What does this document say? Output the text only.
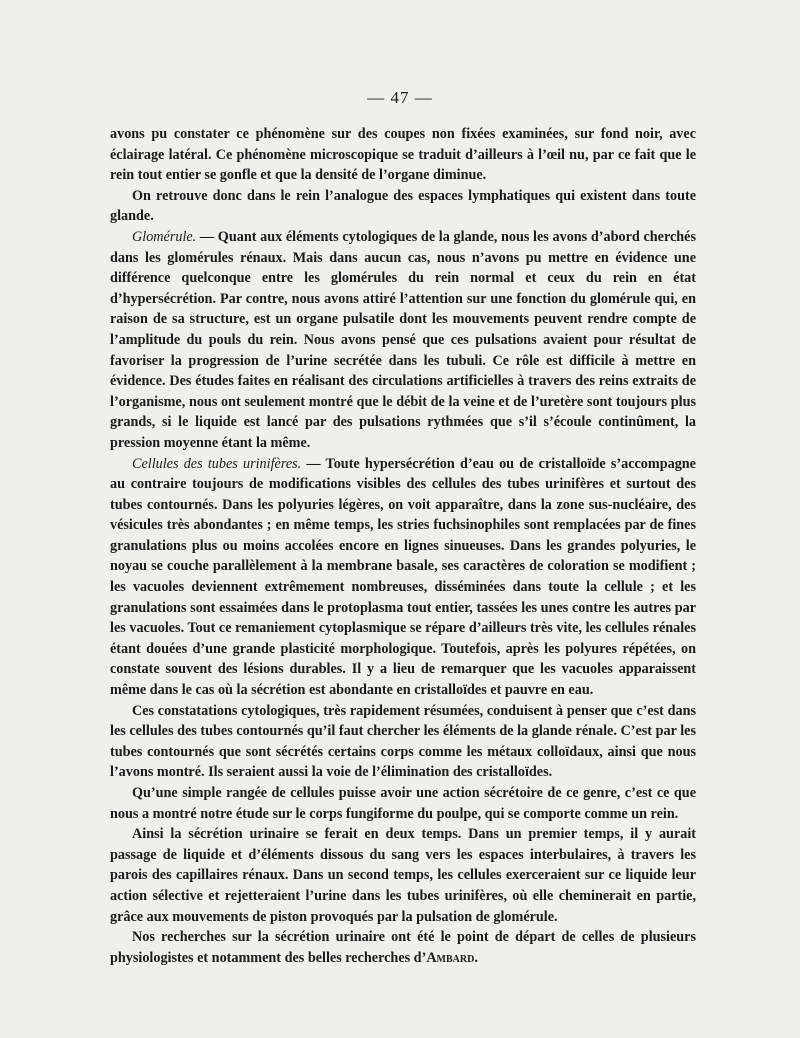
— 47 —

avons pu constater ce phénomène sur des coupes non fixées examinées, sur fond noir, avec éclairage latéral. Ce phénomène microscopique se traduit d’ailleurs à l’œil nu, par ce fait que le rein tout entier se gonfle et que la densité de l’organe diminue.

On retrouve donc dans le rein l’analogue des espaces lymphatiques qui existent dans toute glande.

Glomérule. — Quant aux éléments cytologiques de la glande, nous les avons d’abord cherchés dans les glomérules rénaux. Mais dans aucun cas, nous n’avons pu mettre en évidence une différence quelconque entre les glomérules du rein normal et ceux du rein en état d’hypersécrétion. Par contre, nous avons attiré l’attention sur une fonction du glomérule qui, en raison de sa structure, est un organe pulsatile dont les mouvements peuvent rendre compte de l’amplitude du pouls du rein. Nous avons pensé que ces pulsations avaient pour résultat de favoriser la progression de l’urine secrétée dans les tubuli. Ce rôle est difficile à mettre en évidence. Des études faites en réalisant des circulations artificielles à travers des reins extraits de l’organisme, nous ont seulement montré que le débit de la veine et de l’uretère sont toujours plus grands, si le liquide est lancé par des pulsations rythmées que s’il s’écoule continûment, la pression moyenne étant la même.

Cellules des tubes urinifères. — Toute hypersécrétion d’eau ou de cristalloïde s’accompagne au contraire toujours de modifications visibles des cellules des tubes urinifères et surtout des tubes contournés. Dans les polyuries légères, on voit apparaître, dans la zone sus-nucléaire, des vésicules très abondantes ; en même temps, les stries fuchsinophiles sont remplacées par de fines granulations plus ou moins accolées encore en lignes sinueuses. Dans les grandes polyuries, le noyau se couche parallèlement à la membrane basale, ses caractères de coloration se modifient ; les vacuoles deviennent extrêmement nombreuses, disséminées dans toute la cellule ; et les granulations sont essaimées dans le protoplasma tout entier, tassées les unes contre les autres par les vacuoles. Tout ce remaniement cytoplasmique se répare d’ailleurs très vite, les cellules rénales étant douées d’une grande plasticité morphologique. Toutefois, après les polyures répétées, on constate souvent des lésions durables. Il y a lieu de remarquer que les vacuoles apparaissent même dans le cas où la sécrétion est abondante en cristalloïdes et pauvre en eau.

Ces constatations cytologiques, très rapidement résumées, conduisent à penser que c’est dans les cellules des tubes contournés qu’il faut chercher les éléments de la glande rénale. C’est par les tubes contournés que sont sécrétés certains corps comme les métaux colloïdaux, ainsi que nous l’avons montré. Ils seraient aussi la voie de l’élimination des cristalloïdes.

Qu’une simple rangée de cellules puisse avoir une action sécrétoire de ce genre, c’est ce que nous a montré notre étude sur le corps fungiforme du poulpe, qui se comporte comme un rein.

Ainsi la sécrétion urinaire se ferait en deux temps. Dans un premier temps, il y aurait passage de liquide et d’éléments dissous du sang vers les espaces interbulaires, à travers les parois des capillaires rénaux. Dans un second temps, les cellules exerceraient sur ce liquide leur action sélective et rejetteraient l’urine dans les tubes urinifères, où elle cheminerait en partie, grâce aux mouvements de piston provoqués par la pulsation de glomérule.

Nos recherches sur la sécrétion urinaire ont été le point de départ de celles de plusieurs physiologistes et notamment des belles recherches d’Ambard.
